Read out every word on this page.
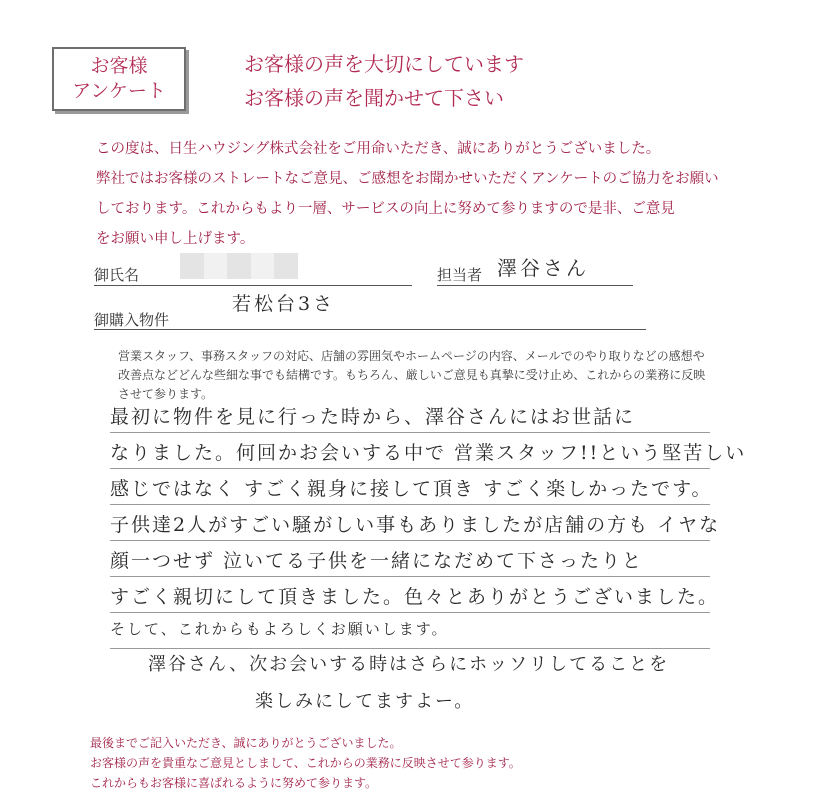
お客様
アンケート
お客様の声を大切にしています
お客様の声を聞かせて下さい
この度は、日生ハウジング株式会社をご用命いただき、誠にありがとうございました。
弊社ではお客様のストレートなご意見、ご感想をお聞かせいただくアンケートのご協力をお願い
しております。これからもより一層、サービスの向上に努めて参りますので是非、ご意見
をお願い申し上げます。
御氏名	担当者 澤谷さん
御購入物件
若松台3さ
営業スタッフ、事務スタッフの対応、店舗の雰囲気やホームページの内容、メールでのやり取りなどの感想や
改善点などどんな些細な事でも結構です。もちろん、厳しいご意見も真摯に受け止め、これからの業務に反映
させて参ります。
最初に物件を見に行った時から、澤谷さんにはお世話に
なりました。何回かお会いする中で 営業スタッフ!!という堅苦しい
感じではなく すごく親身に接して頂き すごく楽しかったです。
子供達2人がすごい騒がしい事もありましたが店舗の方も イヤな
顔一つせず 泣いてる子供を一緒になだめて下さったりと
すごく親切にして頂きました。色々とありがとうございました。
そして、これからもよろしくお願いします。
澤谷さん、次お会いする時はさらにホッソリしてることを
楽しみにしてますよー。
最後までご記入いただき、誠にありがとうございました。
お客様の声を貴重なご意見としまして、これからの業務に反映させて参ります。
これからもお客様に喜ばれるように努めて参ります。
